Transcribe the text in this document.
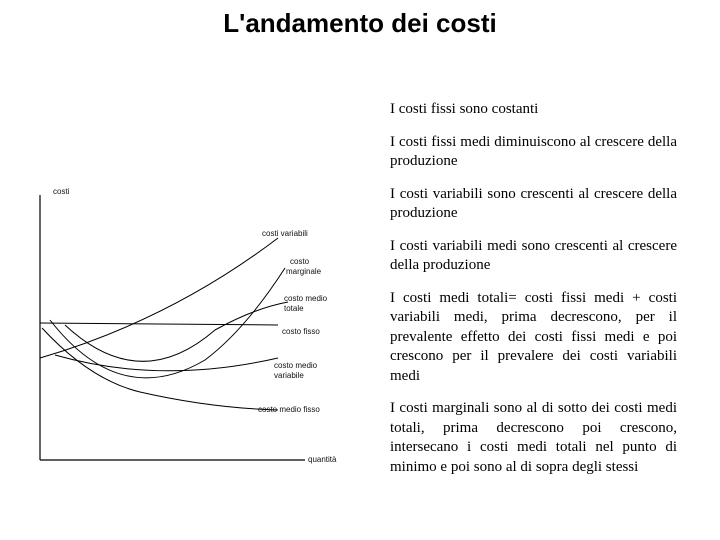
L'andamento dei costi
costi
quantità
costi variabili
costo
marginale
costo medio
totale
costo fisso
costo medio
variabile
costo medio fisso

I costi fissi sono costanti

I costi fissi medi diminuiscono al crescere della produzione

I costi variabili sono crescenti al crescere della produzione

I costi variabili medi sono crescenti al crescere della produzione

I costi medi totali= costi fissi medi + costi variabili medi, prima decrescono, per il prevalente effetto dei costi fissi medi e poi crescono per il prevalere dei costi variabili medi

I costi marginali sono al di sotto dei costi medi totali, prima decrescono poi crescono, intersecano i costi medi totali nel punto di minimo e poi sono al di sopra degli stessi
